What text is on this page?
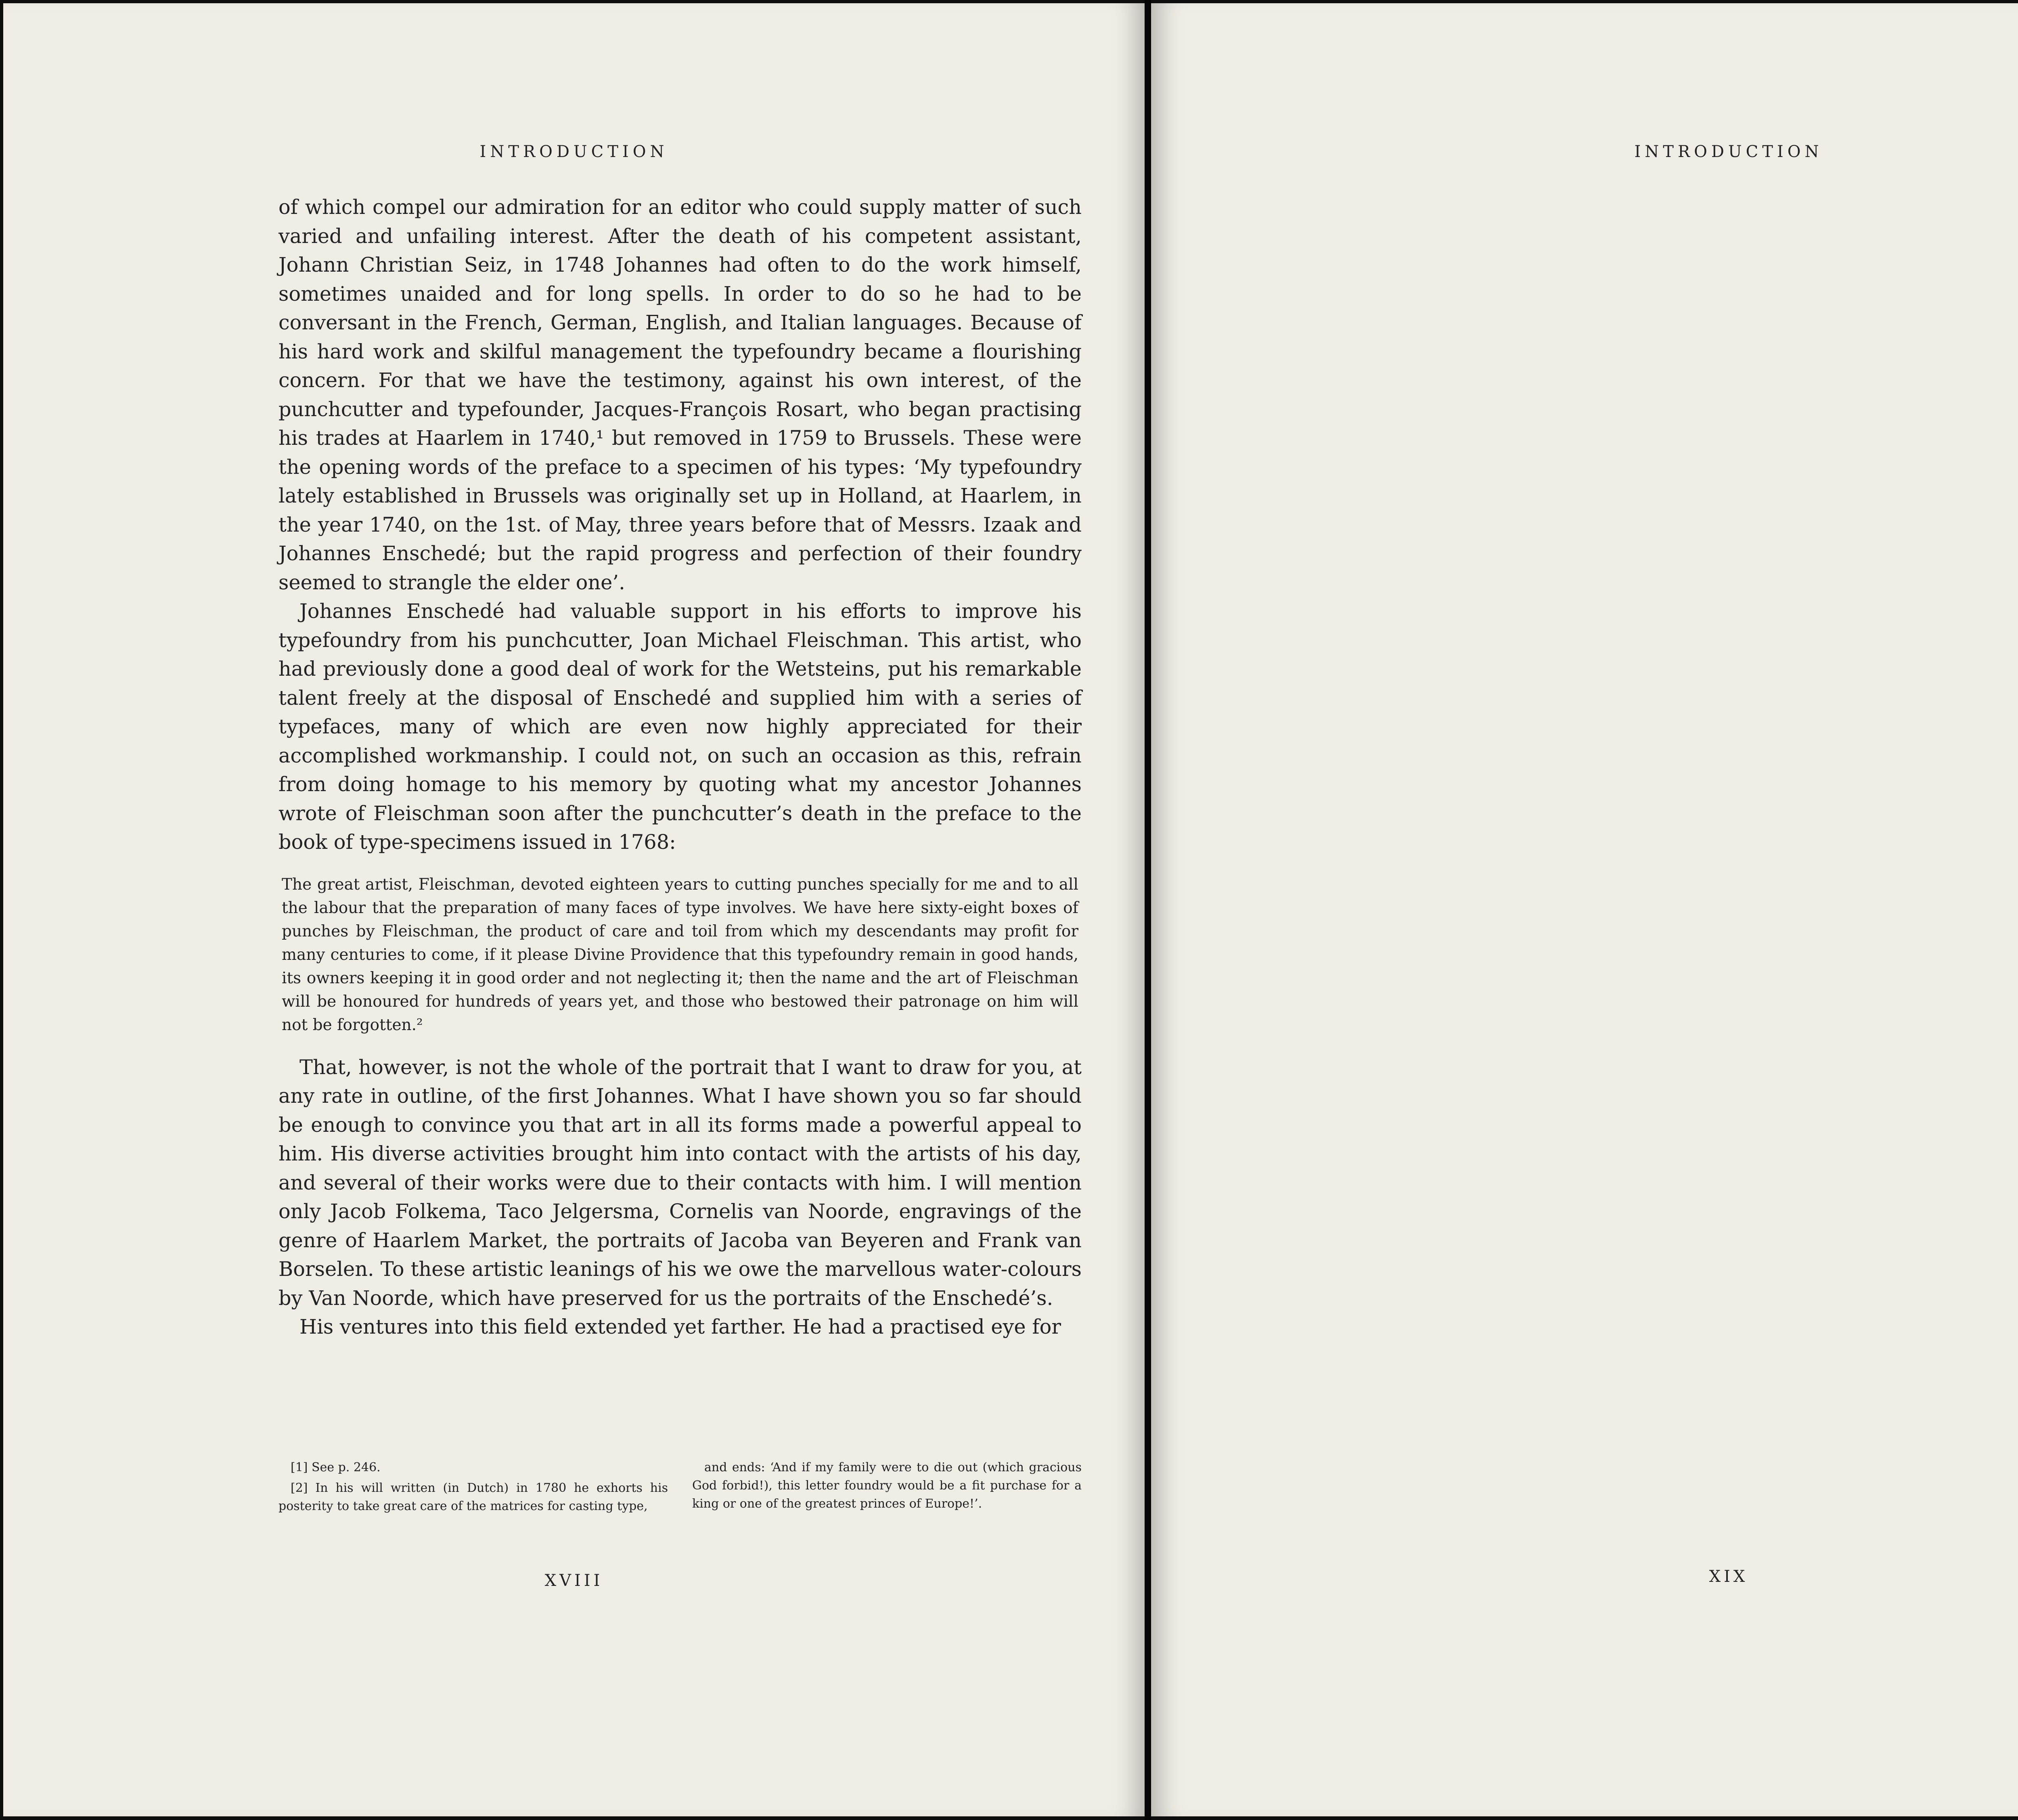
INTRODUCTION

of which compel our admiration for an editor who could supply matter of such varied and unfailing interest. After the death of his competent assistant, Johann Christian Seiz, in 1748 Johannes had often to do the work himself, sometimes unaided and for long spells. In order to do so he had to be conversant in the French, German, English, and Italian languages. Because of his hard work and skilful management the typefoundry became a flourishing concern. For that we have the testimony, against his own interest, of the punchcutter and typefounder, Jacques-François Rosart, who began practising his trades at Haarlem in 1740,¹ but removed in 1759 to Brussels. These were the opening words of the preface to a specimen of his types: ‘My typefoundry lately established in Brussels was originally set up in Holland, at Haarlem, in the year 1740, on the 1st. of May, three years before that of Messrs. Izaak and Johannes Enschedé; but the rapid progress and perfection of their foundry seemed to strangle the elder one’.

Johannes Enschedé had valuable support in his efforts to improve his typefoundry from his punchcutter, Joan Michael Fleischman. This artist, who had previously done a good deal of work for the Wetsteins, put his remarkable talent freely at the disposal of Enschedé and supplied him with a series of typefaces, many of which are even now highly appreciated for their accomplished workmanship. I could not, on such an occasion as this, refrain from doing homage to his memory by quoting what my ancestor Johannes wrote of Fleischman soon after the punchcutter’s death in the preface to the book of type-specimens issued in 1768:

The great artist, Fleischman, devoted eighteen years to cutting punches specially for me and to all the labour that the preparation of many faces of type involves. We have here sixty-eight boxes of punches by Fleischman, the product of care and toil from which my descendants may profit for many centuries to come, if it please Divine Providence that this typefoundry remain in good hands, its owners keeping it in good order and not neglecting it; then the name and the art of Fleischman will be honoured for hundreds of years yet, and those who bestowed their patronage on him will not be forgotten.²

That, however, is not the whole of the portrait that I want to draw for you, at any rate in outline, of the first Johannes. What I have shown you so far should be enough to convince you that art in all its forms made a powerful appeal to him. His diverse activities brought him into contact with the artists of his day, and several of their works were due to their contacts with him. I will mention only Jacob Folkema, Taco Jelgersma, Cornelis van Noorde, engravings of the genre of Haarlem Market, the portraits of Jacoba van Beyeren and Frank van Borselen. To these artistic leanings of his we owe the marvellous water-colours by Van Noorde, which have preserved for us the portraits of the Enschedé’s.

His ventures into this field extended yet farther. He had a practised eye for

[1] See p. 246.

[2] In his will written (in Dutch) in 1780 he exhorts his posterity to take great care of the matrices for casting type,

and ends: ‘And if my family were to die out (which gracious God forbid!), this letter foundry would be a fit purchase for a king or one of the greatest princes of Europe!’.

XVIII
INTRODUCTION

XIX
